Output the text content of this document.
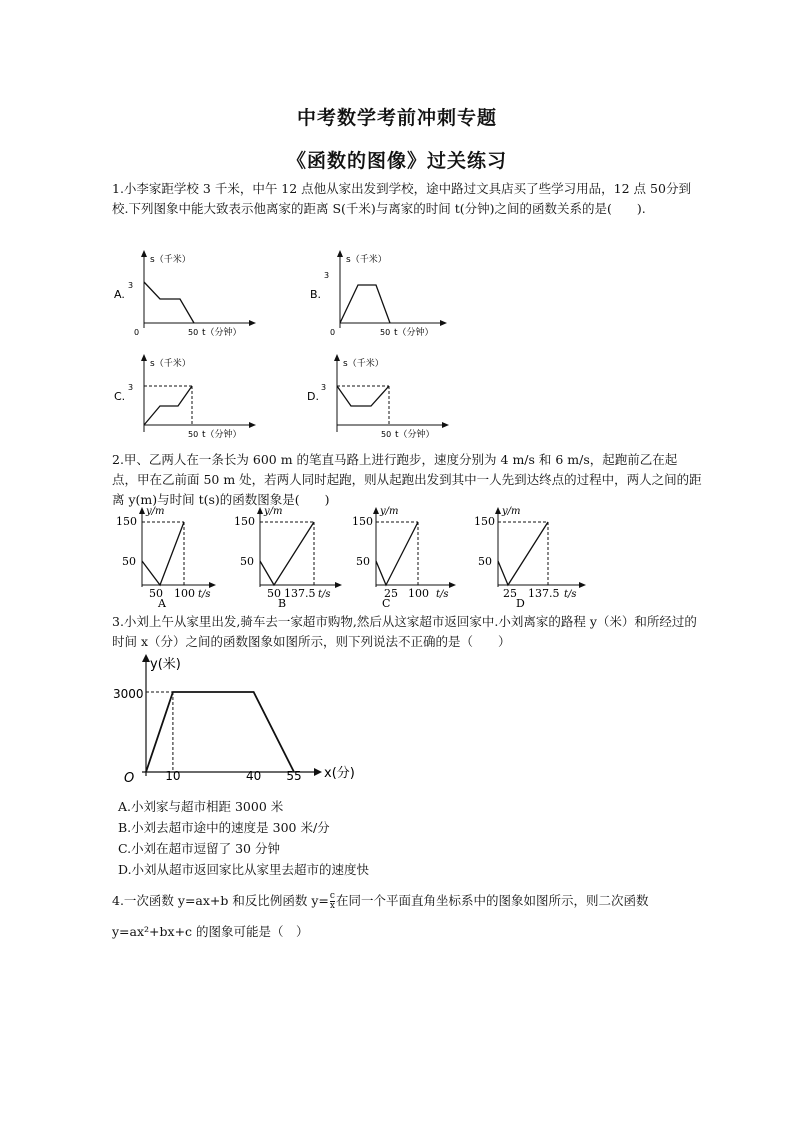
中考数学考前冲刺专题
《函数的图像》过关练习
1.小李家距学校 3 千米，中午 12 点他从家出发到学校，途中路过文具店买了些学习用品，12 点 50分到校.下列图象中能大致表示他离家的距离 S(千米)与离家的时间 t(分钟)之间的函数关系的是(　　).
A.
s（千米）
3
0	50 t（分钟）
B.
s（千米）
3
0	50 t（分钟）
C.
s（千米）
3
50 t（分钟）
D.
s（千米）
3
50 t（分钟）
2.甲、乙两人在一条长为 600 m 的笔直马路上进行跑步，速度分别为 4 m/s 和 6 m/s，起跑前乙在起点，甲在乙前面 50 m 处，若两人同时起跑，则从起跑出发到其中一人先到达终点的过程中，两人之间的距离 y(m)与时间 t(s)的函数图象是(　　)
y/m
150
50
50 100 t/s
A
y/m
150
50
50 137.5 t/s
B
y/m
150
50
25 100 t/s
C
y/m
150
50
25 137.5 t/s
D
3.小刘上午从家里出发,骑车去一家超市购物,然后从这家超市返回家中.小刘离家的路程 y（米）和所经过的时间 x（分）之间的函数图象如图所示，则下列说法不正确的是（　　）
y(米)
x(分)
O
3000
10	40 55
A.小刘家与超市相距 3000 米
B.小刘去超市途中的速度是 300 米/分
C.小刘在超市逗留了 30 分钟
D.小刘从超市返回家比从家里去超市的速度快
4.一次函数 y=ax+b 和反比例函数 $y= \frac{c}{x}$ 在同一个平面直角坐标系中的图象如图所示，则二次函数
y=ax²+bx+c 的图象可能是（　）
